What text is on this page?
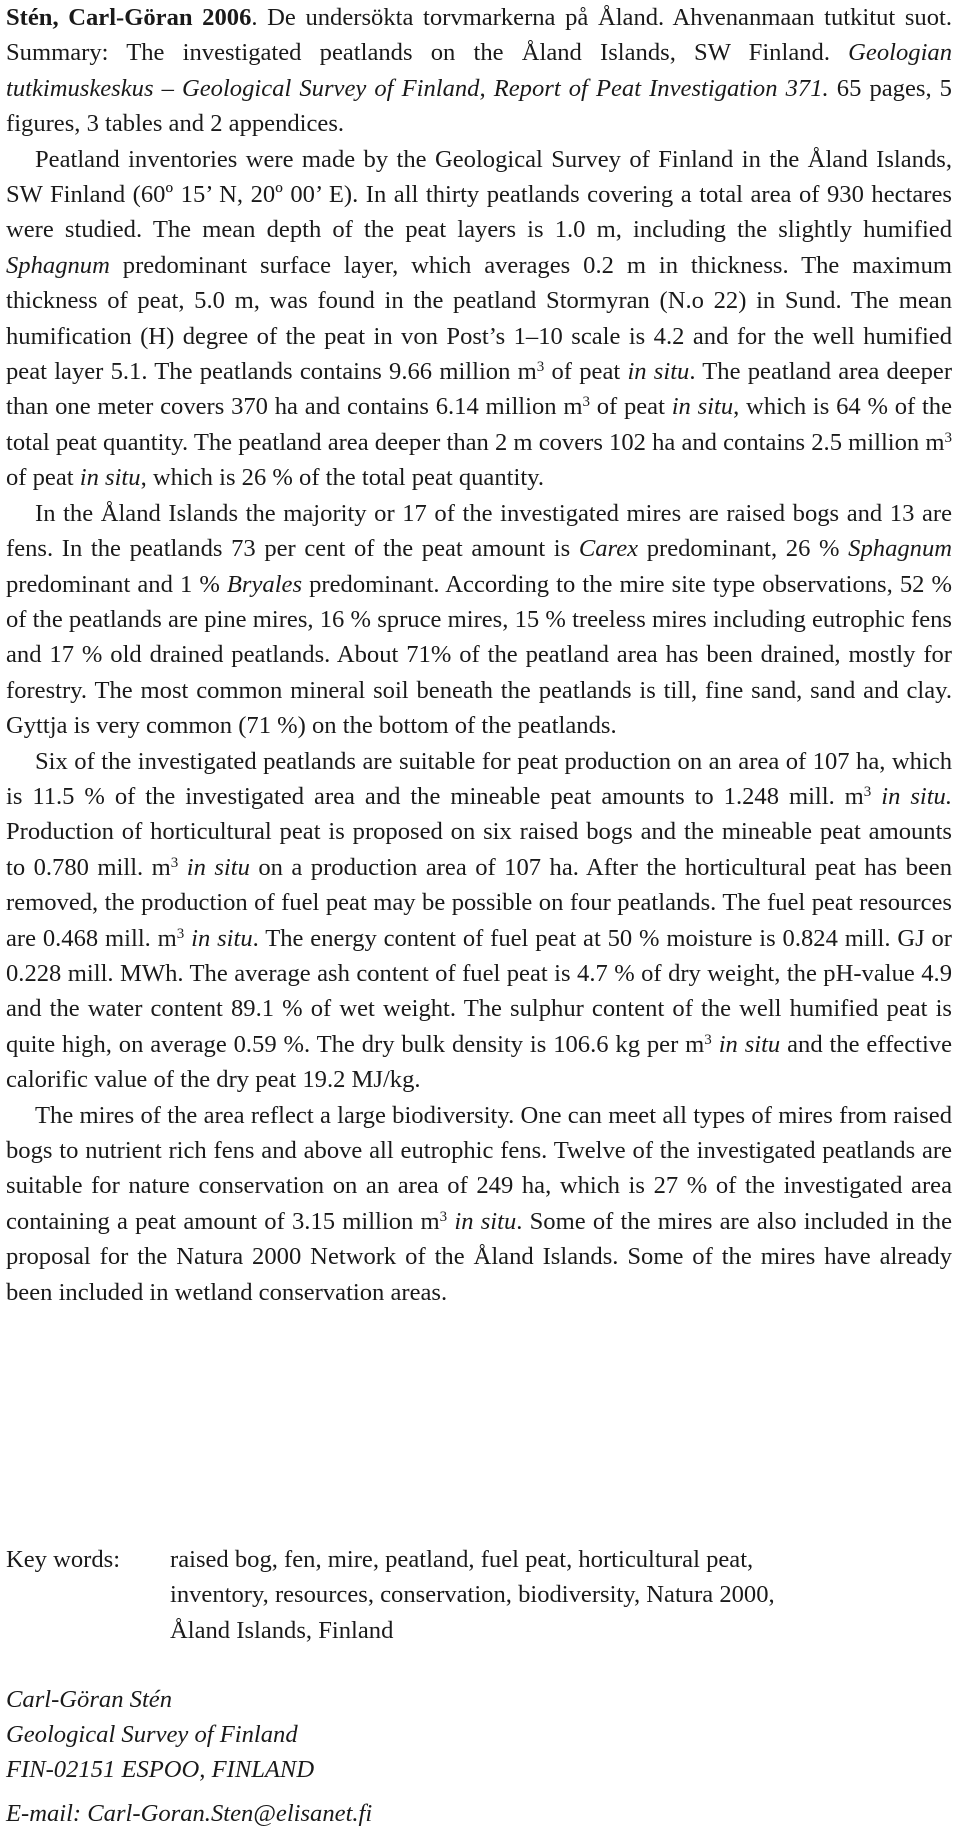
Stén, Carl-Göran 2006. De undersökta torvmarkerna på Åland. Ahvenanmaan tutkitut suot. Summary: The investigated peatlands on the Åland Islands, SW Finland. Geologian tutkimuskeskus – Geological Survey of Finland, Report of Peat Investigation 371. 65 pages, 5 figures, 3 tables and 2 appendices.

Peatland inventories were made by the Geological Survey of Finland in the Åland Islands, SW Finland (60º 15’ N, 20º 00’ E). In all thirty peatlands covering a total area of 930 hectares were studied. The mean depth of the peat layers is 1.0 m, including the slightly humified Sphagnum predominant surface layer, which averages 0.2 m in thickness. The maximum thickness of peat, 5.0 m, was found in the peatland Stormyran (N.o 22) in Sund. The mean humification (H) degree of the peat in von Post’s 1–10 scale is 4.2 and for the well humified peat layer 5.1. The peatlands contains 9.66 million $m^3$ of peat in situ. The peatland area deeper than one meter covers 370 ha and contains 6.14 million $m^3$ of peat in situ, which is 64 % of the total peat quantity. The peatland area deeper than 2 m covers 102 ha and contains 2.5 million $m^3$ of peat in situ, which is 26 % of the total peat quantity.

In the Åland Islands the majority or 17 of the investigated mires are raised bogs and 13 are fens. In the peatlands 73 per cent of the peat amount is Carex predominant, 26 % Sphagnum predominant and 1 % Bryales predominant. According to the mire site type observations, 52 % of the peatlands are pine mires, 16 % spruce mires, 15 % treeless mires including eutrophic fens and 17 % old drained peatlands. About 71% of the peatland area has been drained, mostly for forestry. The most common mineral soil beneath the peatlands is till, fine sand, sand and clay. Gyttja is very common (71 %) on the bottom of the peatlands.

Six of the investigated peatlands are suitable for peat production on an area of 107 ha, which is 11.5 % of the investigated area and the mineable peat amounts to 1.248 mill. $m^3$ in situ. Production of horticultural peat is proposed on six raised bogs and the mineable peat amounts to 0.780 mill. $m^3$ in situ on a production area of 107 ha. After the horticultural peat has been removed, the production of fuel peat may be possible on four peatlands. The fuel peat resources are 0.468 mill. $m^3$ in situ. The energy content of fuel peat at 50 % moisture is 0.824 mill. GJ or 0.228 mill. MWh. The average ash content of fuel peat is 4.7 % of dry weight, the pH-value 4.9 and the water content 89.1 % of wet weight. The sulphur content of the well humified peat is quite high, on average 0.59 %. The dry bulk density is 106.6 kg per $m^3$ in situ and the effective calorific value of the dry peat 19.2 MJ/kg.

The mires of the area reflect a large biodiversity. One can meet all types of mires from raised bogs to nutrient rich fens and above all eutrophic fens. Twelve of the investigated peatlands are suitable for nature conservation on an area of 249 ha, which is 27 % of the investigated area containing a peat amount of 3.15 million $m^3$ in situ. Some of the mires are also included in the proposal for the Natura 2000 Network of the Åland Islands. Some of the mires have already been included in wetland conservation areas.

Key words:	raised bog, fen, mire, peatland, fuel peat, horticultural peat,
inventory, resources, conservation, biodiversity, Natura 2000,
Åland Islands, Finland
Carl-Göran Stén
Geological Survey of Finland
FIN-02151 ESPOO, FINLAND
E-mail: Carl-Goran.Sten@elisanet.fi
